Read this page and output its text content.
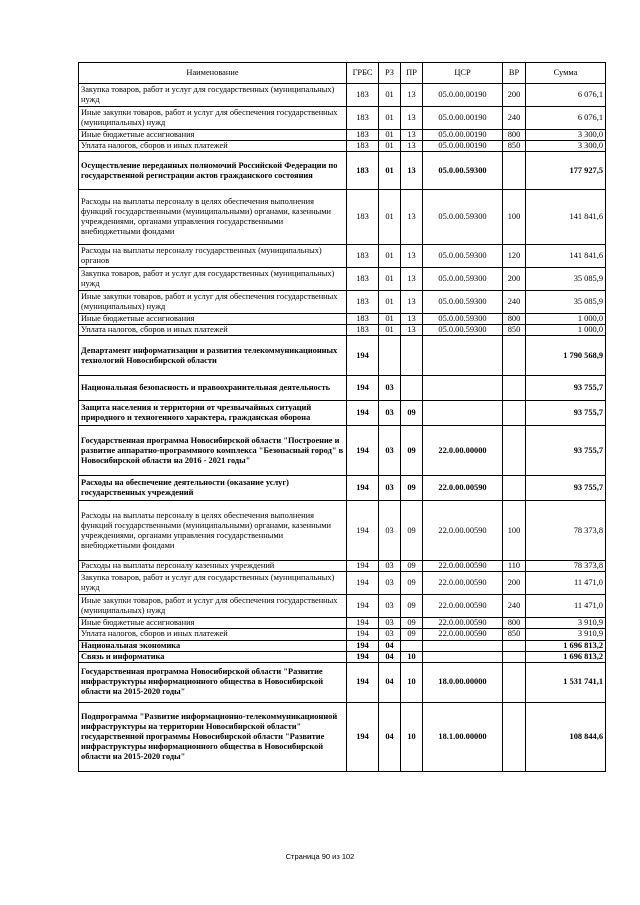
Наименование	ГРБС	РЗ	ПР	ЦСР	ВР	Сумма
Закупка товаров, работ и услуг для государственных (муниципальных) нужд	183	01	13	05.0.00.00190	200	6 076,1
Иные закупки товаров, работ и услуг для обеспечения государственных (муниципальных) нужд	183	01	13	05.0.00.00190	240	6 076,1
Иные бюджетные ассигнования	183	01	13	05.0.00.00190	800	3 300,0
Уплата налогов, сборов и иных платежей	183	01	13	05.0.00.00190	850	3 300,0
Осуществление переданных полномочий Российской Федерации по государственной регистрации актов гражданского состояния	183	01	13	05.0.00.59300		177 927,5
Расходы на выплаты персоналу в целях обеспечения выполнения функций государственными (муниципальными) органами, казенными учреждениями, органами управления государственными внебюджетными фондами	183	01	13	05.0.00.59300	100	141 841,6
Расходы на выплаты персоналу государственных (муниципальных) органов	183	01	13	05.0.00.59300	120	141 841,6
Закупка товаров, работ и услуг для государственных (муниципальных) нужд	183	01	13	05.0.00.59300	200	35 085,9
Иные закупки товаров, работ и услуг для обеспечения государственных (муниципальных) нужд	183	01	13	05.0.00.59300	240	35 085,9
Иные бюджетные ассигнования	183	01	13	05.0.00.59300	800	1 000,0
Уплата налогов, сборов и иных платежей	183	01	13	05.0.00.59300	850	1 000,0
Департамент информатизации и развития телекоммуникационных технологий Новосибирской области	194					1 790 568,9
Национальная безопасность и правоохранительная деятельность	194	03				93 755,7
Защита населения и территории от чрезвычайных ситуаций природного и техногенного характера, гражданская оборона	194	03	09			93 755,7
Государственная программа Новосибирской области "Построение и развитие аппаратно-программного комплекса "Безопасный город" в Новосибирской области на 2016 - 2021 годы"	194	03	09	22.0.00.00000		93 755,7
Расходы на обеспечение деятельности (оказание услуг) государственных учреждений	194	03	09	22.0.00.00590		93 755,7
Расходы на выплаты персоналу в целях обеспечения выполнения функций государственными (муниципальными) органами, казенными учреждениями, органами управления государственными внебюджетными фондами	194	03	09	22.0.00.00590	100	78 373,8
Расходы на выплаты персоналу казенных учреждений	194	03	09	22.0.00.00590	110	78 373,8
Закупка товаров, работ и услуг для государственных (муниципальных) нужд	194	03	09	22.0.00.00590	200	11 471,0
Иные закупки товаров, работ и услуг для обеспечения государственных (муниципальных) нужд	194	03	09	22.0.00.00590	240	11 471,0
Иные бюджетные ассигнования	194	03	09	22.0.00.00590	800	3 910,9
Уплата налогов, сборов и иных платежей	194	03	09	22.0.00.00590	850	3 910,9
Национальная экономика	194	04				1 696 813,2
Связь и информатика	194	04	10			1 696 813,2
Государственная программа Новосибирской области "Развитие инфраструктуры информационного общества в Новосибирской области на 2015-2020 годы"	194	04	10	18.0.00.00000		1 531 741,1
Подпрограмма "Развитие информационно-телекоммуникационной инфраструктуры на территории Новосибирской области" государственной программы Новосибирской области "Развитие инфраструктуры информационного общества в Новосибирской области на 2015-2020 годы"	194	04	10	18.1.00.00000		108 844,6
Страница 90 из 102
